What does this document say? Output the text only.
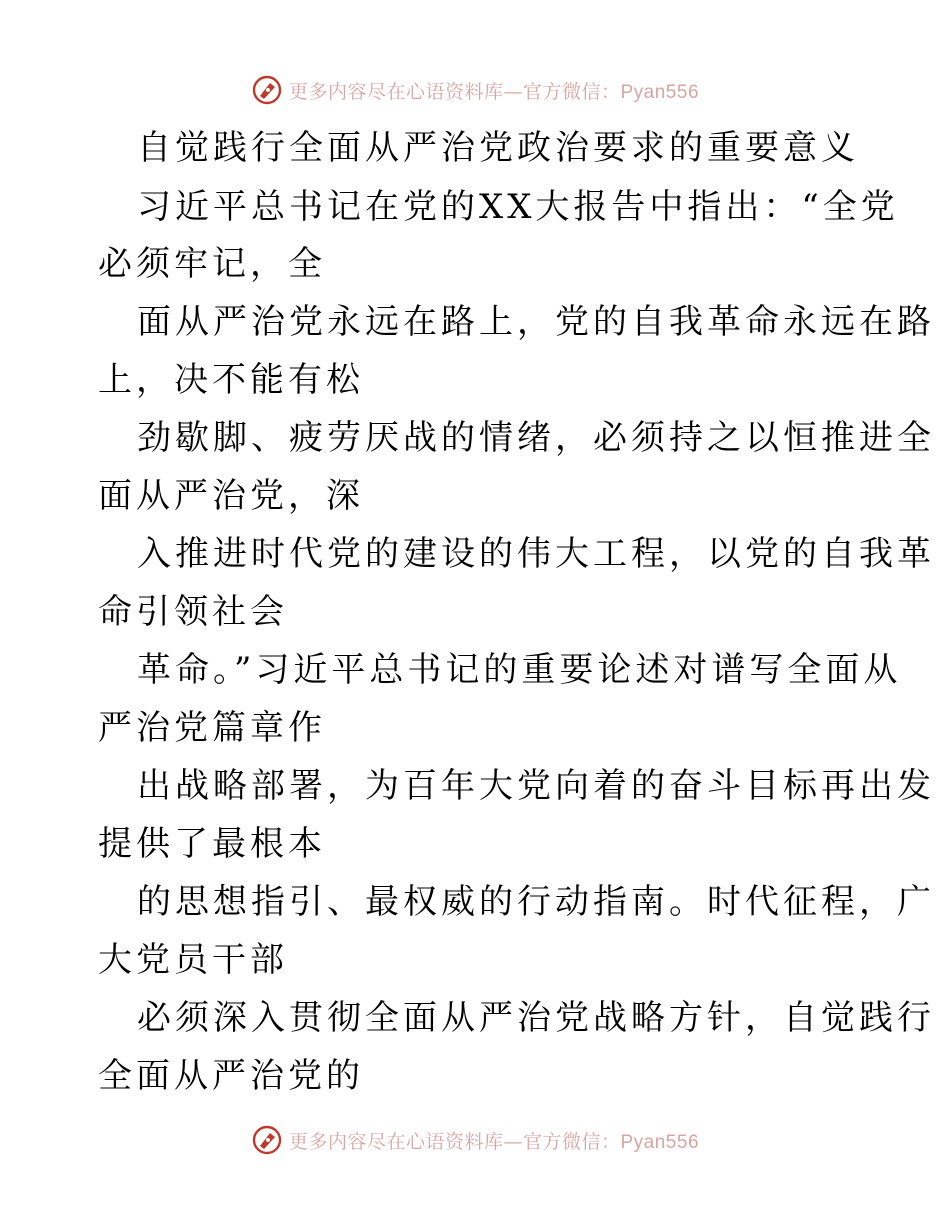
更多内容尽在心语资料库—官方微信：Pyan556
自觉践行全面从严治党政治要求的重要意义
习近平总书记在党的XX大报告中指出：“全党
必须牢记，全
面从严治党永远在路上，党的自我革命永远在路
上，决不能有松
劲歇脚、疲劳厌战的情绪，必须持之以恒推进全
面从严治党，深
入推进时代党的建设的伟大工程，以党的自我革
命引领社会
革命。”习近平总书记的重要论述对谱写全面从
严治党篇章作
出战略部署，为百年大党向着的奋斗目标再出发
提供了最根本
的思想指引、最权威的行动指南。时代征程，广
大党员干部
必须深入贯彻全面从严治党战略方针，自觉践行
全面从严治党的
更多内容尽在心语资料库—官方微信：Pyan556
